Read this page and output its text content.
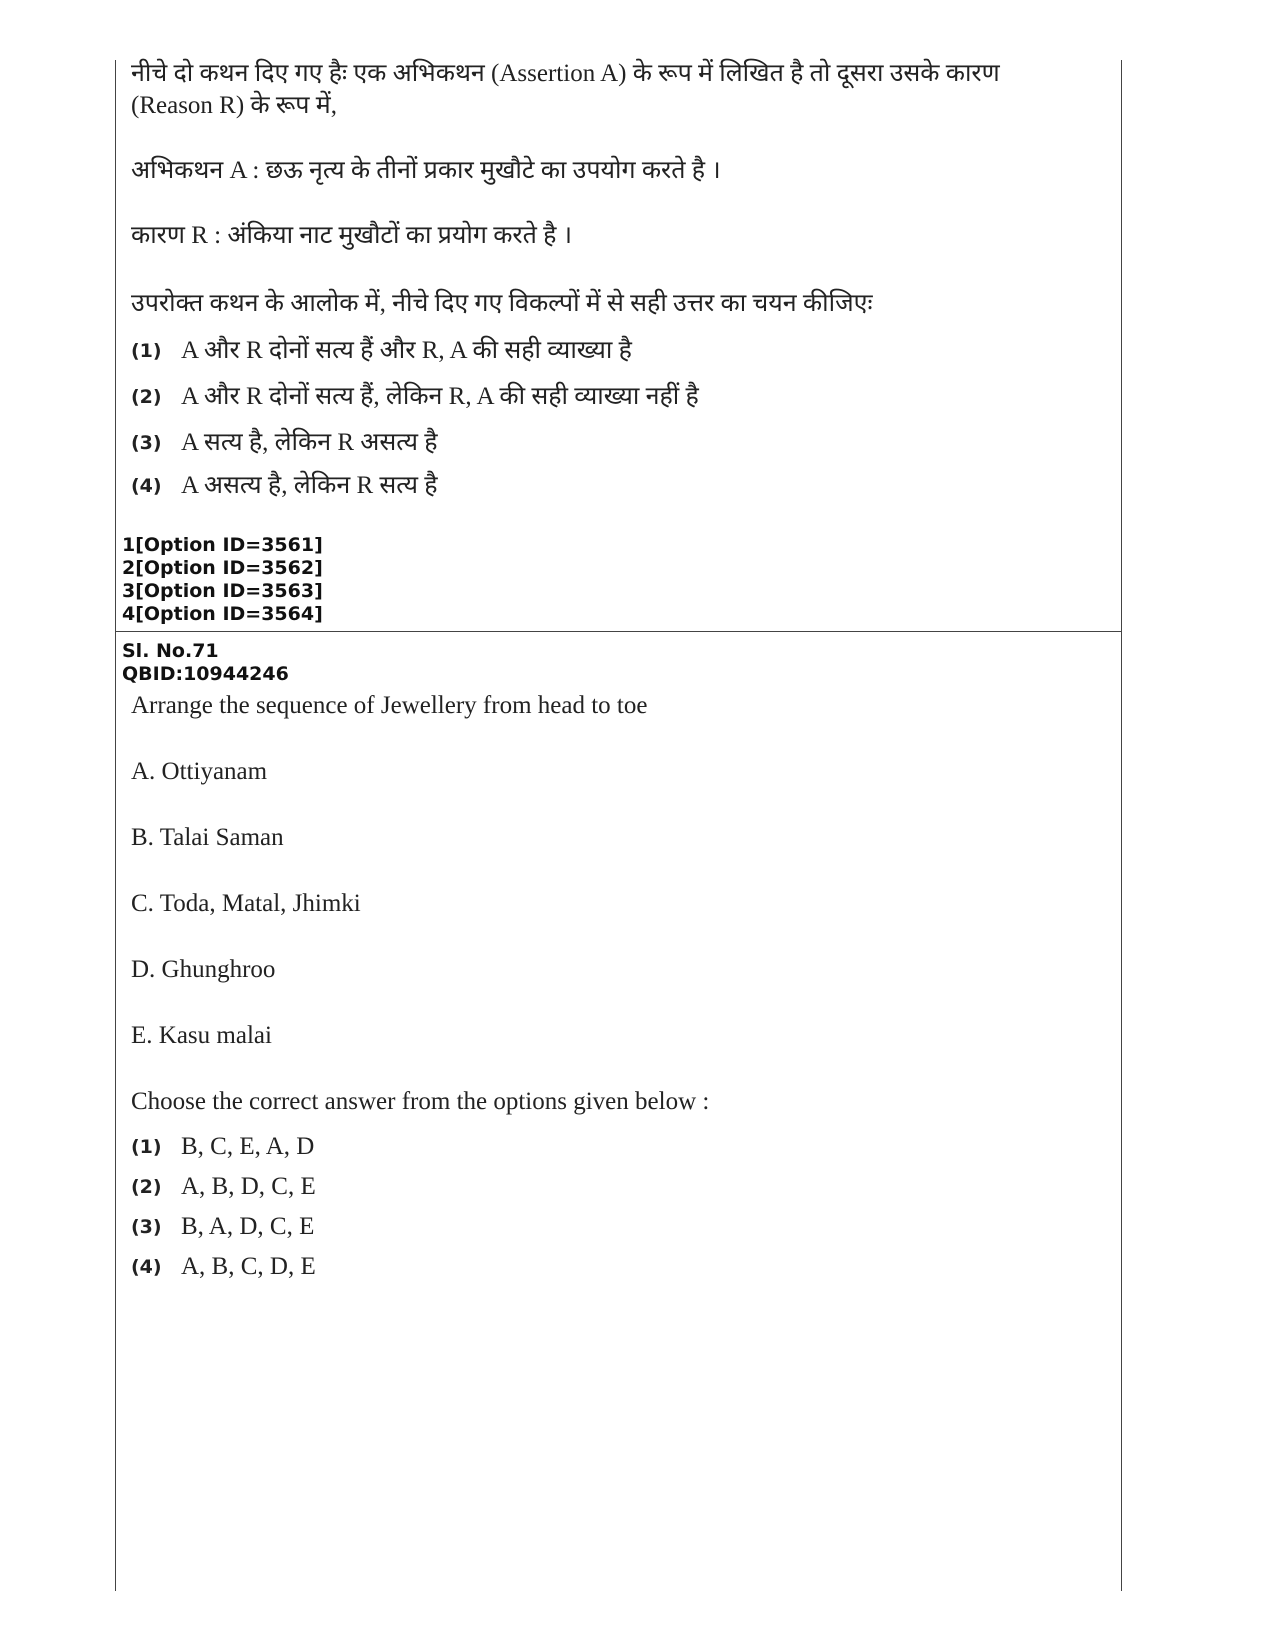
नीचे दो कथन दिए गए हैः एक अभिकथन (Assertion A) के रूप में लिखित है तो दूसरा उसके कारण

(Reason R) के रूप में,

अभिकथन A : छऊ नृत्य के तीनों प्रकार मुखौटे का उपयोग करते है ।

कारण R : अंकिया नाट मुखौटों का प्रयोग करते है ।

उपरोक्त कथन के आलोक में, नीचे दिए गए विकल्पों में से सही उत्तर का चयन कीजिएः

(1) A और R दोनों सत्य हैं और R, A की सही व्याख्या है
(2) A और R दोनों सत्य हैं, लेकिन R, A की सही व्याख्या नहीं है
(3) A सत्य है, लेकिन R असत्य है
(4) A असत्य है, लेकिन R सत्य है
1[Option ID=3561]
2[Option ID=3562]
3[Option ID=3563]
4[Option ID=3564]
Sl. No.71
QBID:10944246

Arrange the sequence of Jewellery from head to toe

A. Ottiyanam

B. Talai Saman

C. Toda, Matal, Jhimki

D. Ghunghroo

E. Kasu malai

Choose the correct answer from the options given below :

(1) B, C, E, A, D
(2) A, B, D, C, E
(3) B, A, D, C, E
(4) A, B, C, D, E
